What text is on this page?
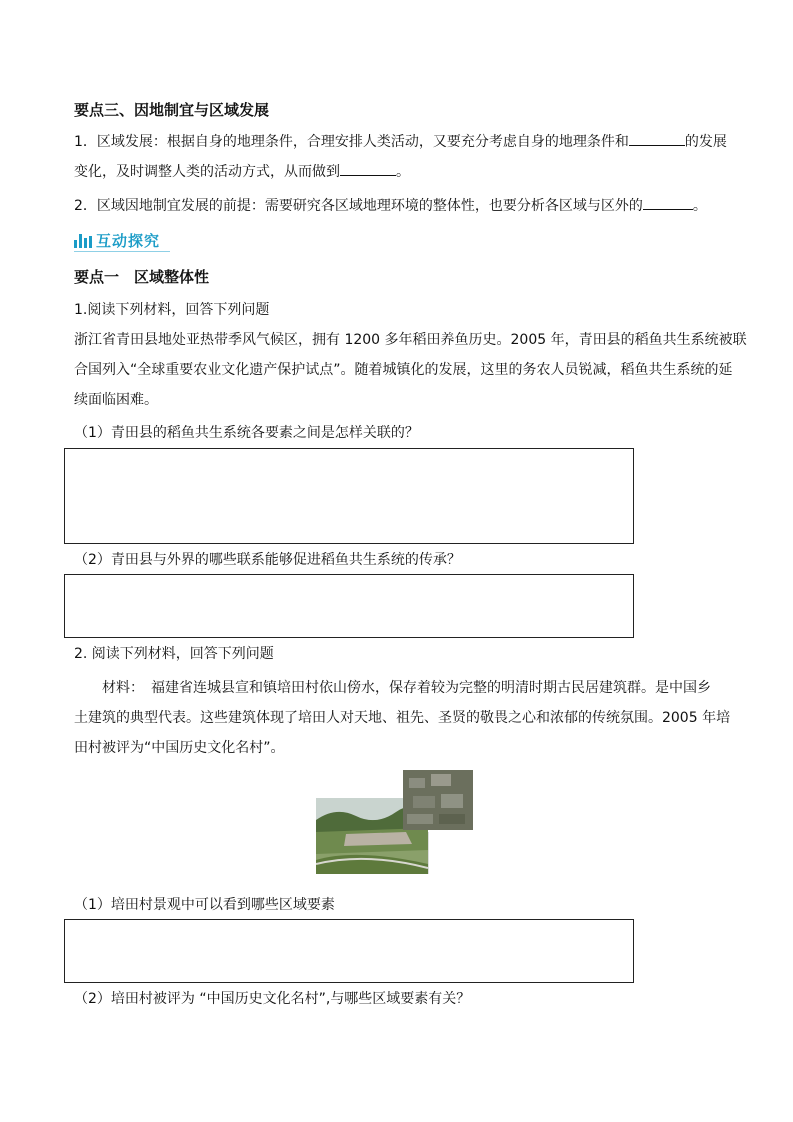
要点三、因地制宜与区域发展
1．区域发展：根据自身的地理条件，合理安排人类活动，又要充分考虑自身的地理条件和	的发展
变化，及时调整人类的活动方式，从而做到	。
2．区域因地制宜发展的前提：需要研究各区域地理环境的整体性，也要分析各区域与区外的	。
互动探究
要点一　区域整体性
1.阅读下列材料，回答下列问题
浙江省青田县地处亚热带季风气候区，拥有 1200 多年稻田养鱼历史。2005 年，青田县的稻鱼共生系统被联
合国列入“全球重要农业文化遗产保护试点”。随着城镇化的发展，这里的务农人员锐减，稻鱼共生系统的延
续面临困难。
（1）青田县的稻鱼共生系统各要素之间是怎样关联的？
（2）青田县与外界的哪些联系能够促进稻鱼共生系统的传承？
2. 阅读下列材料，回答下列问题
材料：　福建省连城县宣和镇培田村依山傍水，保存着较为完整的明清时期古民居建筑群。是中国乡
土建筑的典型代表。这些建筑体现了培田人对天地、祖先、圣贤的敬畏之心和浓郁的传统氛围。2005 年培
田村被评为“中国历史文化名村”。
（1）培田村景观中可以看到哪些区域要素
（2）培田村被评为 “中国历史文化名村”,与哪些区域要素有关？
